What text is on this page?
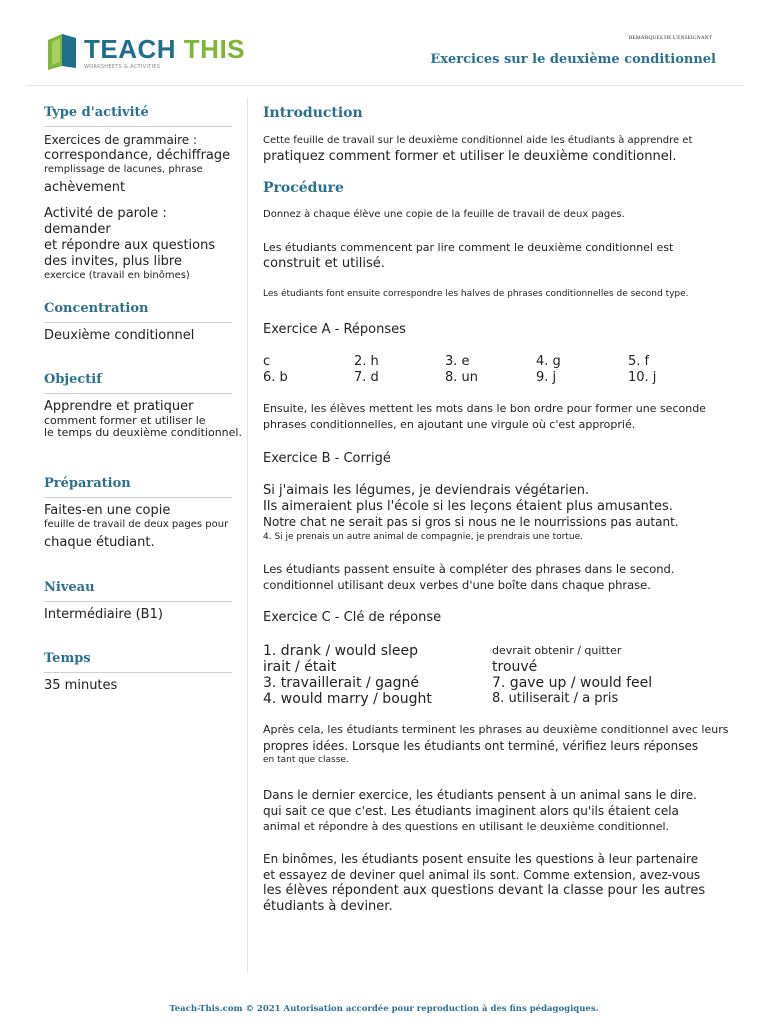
TEACH THIS
WORKSHEETS & ACTIVITIES
REMARQUES DE L'ENSEIGNANT
Exercices sur le deuxième conditionnel
Type d'activité
Exercices de grammaire :
correspondance, déchiffrage
remplissage de lacunes, phrase
achèvement
Activité de parole : demander
et répondre aux questions
des invites, plus libre
exercice (travail en binômes)
Concentration
Deuxième conditionnel
Objectif
Apprendre et pratiquer
comment former et utiliser le
le temps du deuxième conditionnel.
Préparation
Faites-en une copie
feuille de travail de deux pages pour
chaque étudiant.
Niveau
Intermédiaire (B1)
Temps
35 minutes
Introduction
Cette feuille de travail sur le deuxième conditionnel aide les étudiants à apprendre et
pratiquez comment former et utiliser le deuxième conditionnel.
Procédure
Donnez à chaque élève une copie de la feuille de travail de deux pages.
Les étudiants commencent par lire comment le deuxième conditionnel est
construit et utilisé.
Les étudiants font ensuite correspondre les halves de phrases conditionnelles de second type.
Exercice A - Réponses
c	2. h	3. e	4. g	5. f
6. b	7. d	8. un	9. j	10. j
Ensuite, les élèves mettent les mots dans le bon ordre pour former une seconde
phrases conditionnelles, en ajoutant une virgule où c'est approprié.
Exercice B - Corrigé
Si j'aimais les légumes, je deviendrais végétarien.
Ils aimeraient plus l'école si les leçons étaient plus amusantes.
Notre chat ne serait pas si gros si nous ne le nourrissions pas autant.
4. Si je prenais un autre animal de compagnie, je prendrais une tortue.
Les étudiants passent ensuite à compléter des phrases dans le second.
conditionnel utilisant deux verbes d'une boîte dans chaque phrase.
Exercice C - Clé de réponse
1. drank / would sleep	devrait obtenir / quitter
irait / était	trouvé
3. travaillerait / gagné	7. gave up / would feel
4. would marry / bought	8. utiliserait / a pris
Après cela, les étudiants terminent les phrases au deuxième conditionnel avec leurs
propres idées. Lorsque les étudiants ont terminé, vérifiez leurs réponses
en tant que classe.
Dans le dernier exercice, les étudiants pensent à un animal sans le dire.
qui sait ce que c'est. Les étudiants imaginent alors qu'ils étaient cela
animal et répondre à des questions en utilisant le deuxième conditionnel.
En binômes, les étudiants posent ensuite les questions à leur partenaire
et essayez de deviner quel animal ils sont. Comme extension, avez-vous
les élèves répondent aux questions devant la classe pour les autres
étudiants à deviner.
Teach-This.com © 2021 Autorisation accordée pour reproduction à des fins pédagogiques.
